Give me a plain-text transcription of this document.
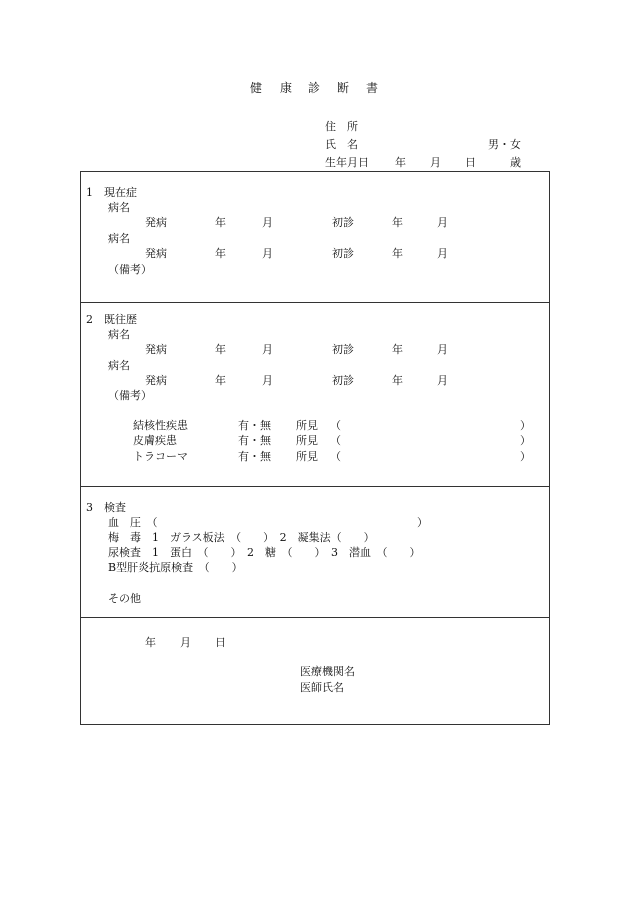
健 康 診 断 書
住　所
氏　名	男・女
生年月日 年 月 日	歳
1　現在症
病名
発病	年	月	初診	年	月
病名
発病	年	月	初診	年	月
（備考）
2　既往歴
病名
発病	年	月	初診	年	月
病名
発病	年	月	初診	年	月
（備考）
結核性疾患	有・無 所見 （	）
皮膚疾患	有・無 所見 （	）
トラコーマ	有・無 所見 （	）
3　検査
血　圧　（	）
梅　毒　1　ガラス板法　（　　）　2　凝集法（　　）
尿検査　1　蛋白　（　　）　2　糖　（　　）　3　潜血　（　　）
B型肝炎抗原検査　（　　）
その他
年 月 日
医療機関名
医師氏名
